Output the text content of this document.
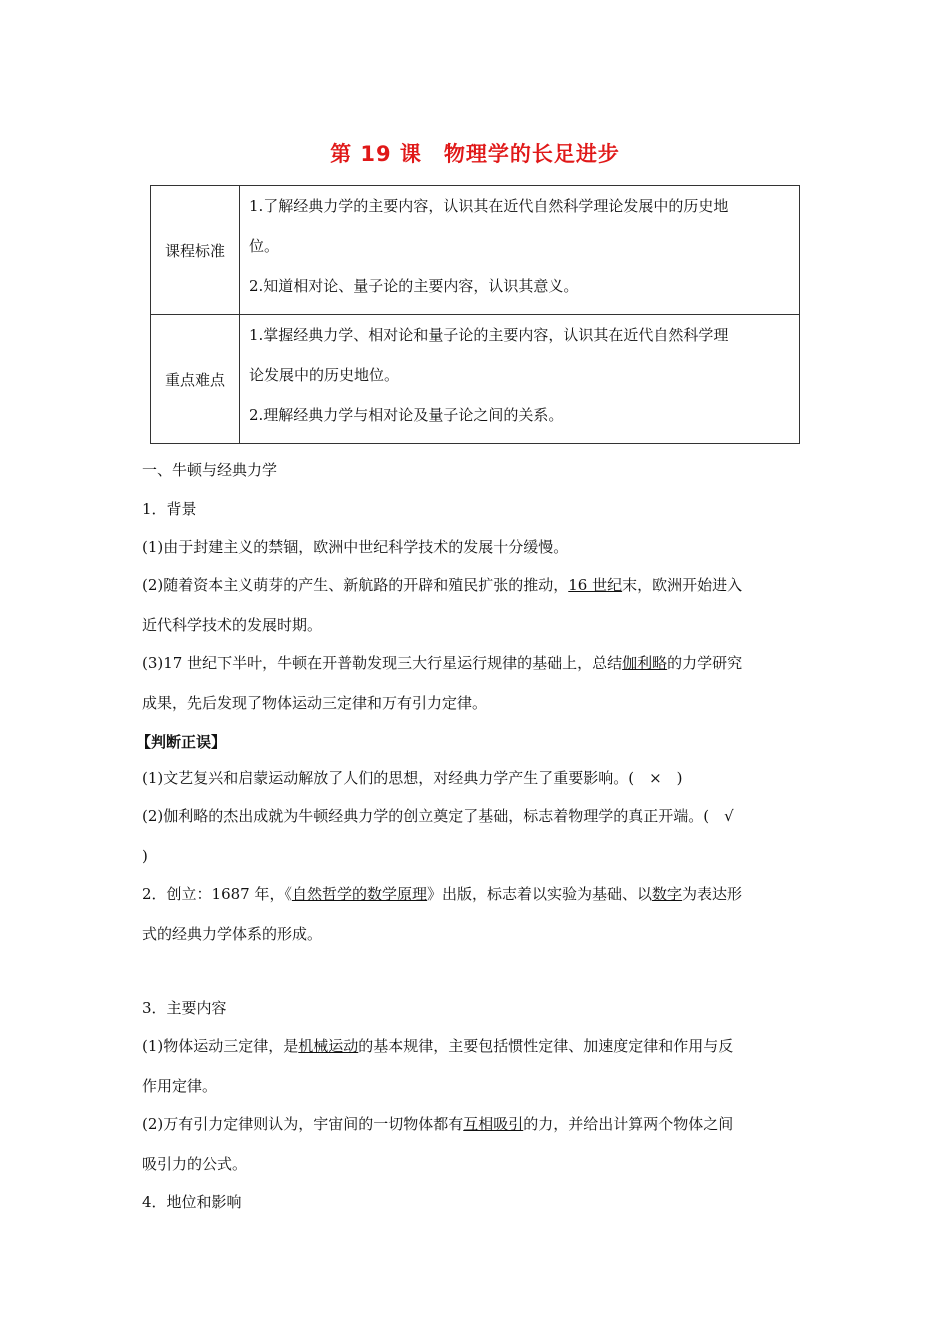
第 19 课　物理学的长足进步
课程标准	1.了解经典力学的主要内容，认识其在近代自然科学理论发展中的历史地
位。
2.知道相对论、量子论的主要内容，认识其意义。

重点难点	1.掌握经典力学、相对论和量子论的主要内容，认识其在近代自然科学理
论发展中的历史地位。
2.理解经典力学与相对论及量子论之间的关系。
一、牛顿与经典力学
1．背景
(1)由于封建主义的禁锢，欧洲中世纪科学技术的发展十分缓慢。
(2)随着资本主义萌芽的产生、新航路的开辟和殖民扩张的推动，16 世纪末，欧洲开始进入
近代科学技术的发展时期。
(3)17 世纪下半叶，牛顿在开普勒发现三大行星运行规律的基础上，总结伽利略的力学研究
成果，先后发现了物体运动三定律和万有引力定律。
【判断正误】
(1)文艺复兴和启蒙运动解放了人们的思想，对经典力学产生了重要影响。(　×　)
(2)伽利略的杰出成就为牛顿经典力学的创立奠定了基础，标志着物理学的真正开端。(　√
)
2．创立：1687 年，《自然哲学的数学原理》出版，标志着以实验为基础、以数字为表达形
式的经典力学体系的形成。
3．主要内容
(1)物体运动三定律，是机械运动的基本规律，主要包括惯性定律、加速度定律和作用与反
作用定律。
(2)万有引力定律则认为，宇宙间的一切物体都有互相吸引的力，并给出计算两个物体之间
吸引力的公式。
4．地位和影响
